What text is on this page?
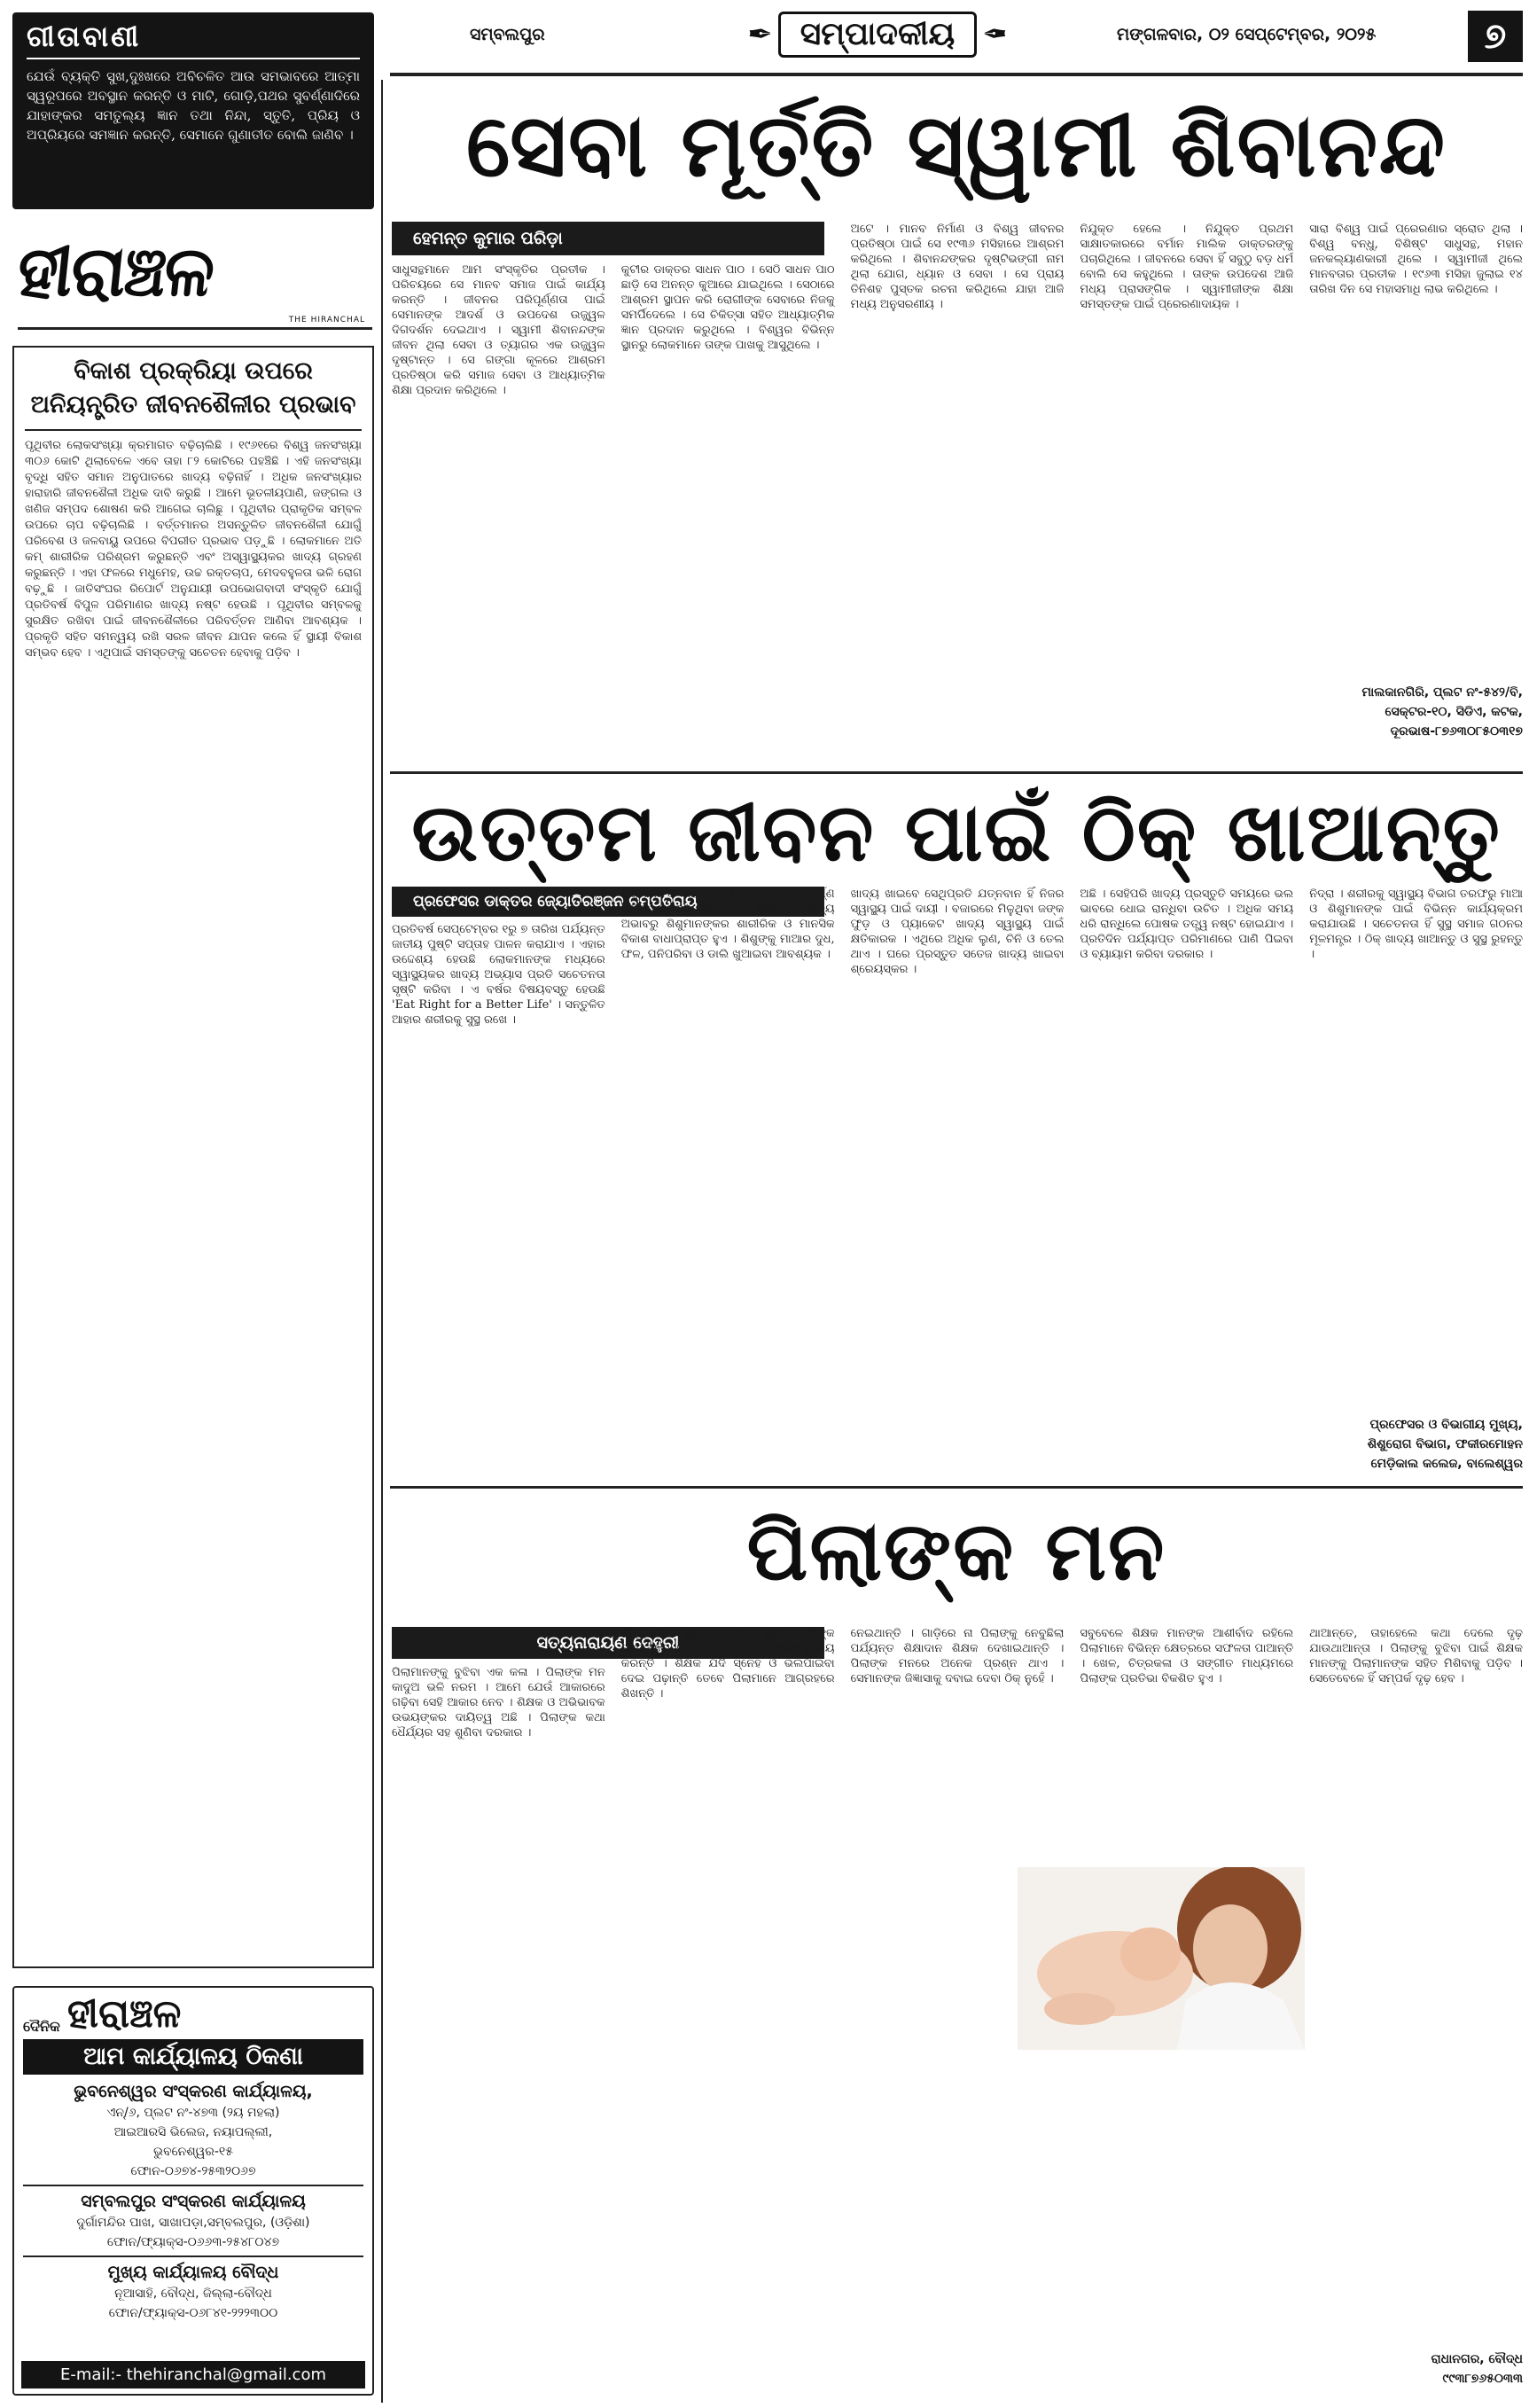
ଗୀତାବାଣୀ
ଯେଉଁ ବ୍ୟକ୍ତି ସୁଖ,ଦୁଃଖରେ ଅବିଚଳିତ ଆଉ ସମଭାବରେ ଆତ୍ମା ସ୍ୱରୂପରେ ଅବସ୍ଥାନ କରନ୍ତି ଓ ମାଟି, ଗୋଡ଼ି,ପଥର ସୁବର୍ଣ୍ଣାଦିରେ ଯାହାଙ୍କର ସମତୁଲ୍ୟ ଜ୍ଞାନ ତଥା ନିନ୍ଦା, ସ୍ତୁତି, ପ୍ରିୟ ଓ ଅପ୍ରିୟରେ ସମଜ୍ଞାନ କରନ୍ତି, ସେମାନେ ଗୁଣାତୀତ ବୋଲି ଜାଣିବ ।
ହୀରାଞ୍ଚଳ
THE HIRANCHAL
ବିକାଶ ପ୍ରକ୍ରିୟା ଉପରେ ଅନିୟନ୍ତ୍ରିତ ଜୀବନଶୈଳୀର ପ୍ରଭାବ
ପୃଥିବୀର ଲୋକସଂଖ୍ୟା କ୍ରମାଗତ ବଢ଼ିଚାଲିଛି । ୧୯୬୧ରେ ବିଶ୍ୱ ଜନସଂଖ୍ୟା ୩୦୬ କୋଟି ଥିଲାବେଳେ ଏବେ ତାହା ୮୨ କୋଟିରେ ପହଞ୍ଚିଛି । ଏହି ଜନସଂଖ୍ୟା ବୃଦ୍ଧି ସହିତ ସମାନ ଅନୁପାତରେ ଖାଦ୍ୟ ବଢ଼ିନାହିଁ । ଅଧିକ ଜନସଂଖ୍ୟାର ହାରାହାରି ଜୀବନଶୈଳୀ ଅଧିକ ଦାବି କରୁଛି । ଆମେ ଭୂତଳୀୟପାଣି, ଜଙ୍ଗଲ ଓ ଖଣିଜ ସମ୍ପଦ ଶୋଷଣ କରି ଆଗେଇ ଚାଲିଛୁ । ପୃଥିବୀର ପ୍ରାକୃତିକ ସମ୍ବଳ ଉପରେ ଚାପ ବଢ଼ିଚାଲିଛି । ବର୍ତ୍ତମାନର ଅସନ୍ତୁଳିତ ଜୀବନଶୈଳୀ ଯୋଗୁଁ ପରିବେଶ ଓ ଜଳବାୟୁ ଉପରେ ବିପରୀତ ପ୍ରଭାବ ପଡ଼ୁଛି । ଲୋକମାନେ ଅତି କମ୍ ଶାରୀରିକ ପରିଶ୍ରମ କରୁଛନ୍ତି ଏବଂ ଅସ୍ୱାସ୍ଥ୍ୟକର ଖାଦ୍ୟ ଗ୍ରହଣ କରୁଛନ୍ତି । ଏହା ଫଳରେ ମଧୁମେହ, ଉଚ୍ଚ ରକ୍ତଚାପ, ମେଦବହୁଳତା ଭଳି ରୋଗ ବଢ଼ୁଛି । ଜାତିସଂଘର ରିପୋର୍ଟ ଅନୁଯାୟୀ ଉପଭୋଗବାଦୀ ସଂସ୍କୃତି ଯୋଗୁଁ ପ୍ରତିବର୍ଷ ବିପୁଳ ପରିମାଣର ଖାଦ୍ୟ ନଷ୍ଟ ହେଉଛି । ପୃଥିବୀର ସମ୍ବଳକୁ ସୁରକ୍ଷିତ ରଖିବା ପାଇଁ ଜୀବନଶୈଳୀରେ ପରିବର୍ତ୍ତନ ଆଣିବା ଆବଶ୍ୟକ । ପ୍ରକୃତି ସହିତ ସମନ୍ୱୟ ରଖି ସରଳ ଜୀବନ ଯାପନ କଲେ ହିଁ ସ୍ଥାୟୀ ବିକାଶ ସମ୍ଭବ ହେବ । ଏଥିପାଇଁ ସମସ୍ତଙ୍କୁ ସଚେତନ ହେବାକୁ ପଡ଼ିବ ।
ଦୈନିକ ହୀରାଞ୍ଚଳ
ଆମ କାର୍ଯ୍ୟାଳୟ ଠିକଣା
ଭୁବନେଶ୍ୱର ସଂସ୍କରଣ କାର୍ଯ୍ୟାଳୟ,
ଏନ୍/୬, ପ୍ଲଟ ନଂ-୪୭୩ (୨ୟ ମହଲା)
ଆଇଆରସି ଭିଲେଜ, ନୟାପଲ୍ଲୀ,
ଭୁବନେଶ୍ୱର-୧୫
ଫୋନ-୦୬୭୪-୨୫୩୨୦୬୭
ସମ୍ବଲପୁର ସଂସ୍କରଣ କାର୍ଯ୍ୟାଳୟ
ଦୁର୍ଗାମନ୍ଦିର ପାଖ, ସାଖାପଡ଼ା,ସମ୍ବଲପୁର, (ଓଡ଼ିଶା)
ଫୋନ/ଫ୍ୟାକ୍ସ-୦୬୬୩-୨୫୪୮୦୪୭
ମୁଖ୍ୟ କାର୍ଯ୍ୟାଳୟ ବୌଦ୍ଧ
ନୂଆସାହି, ବୌଦ୍ଧ, ଜିଲ୍ଲା-ବୌଦ୍ଧ
ଫୋନ/ଫ୍ୟାକ୍ସ-୦୬୮୪୧-୨୨୨୩୦୦
E-mail:- thehiranchal@gmail.com
ସମ୍ବଲପୁର	✒ ସମ୍ପାଦକୀୟ ✒	ମଙ୍ଗଳବାର, ୦୨ ସେପ୍ଟେମ୍ବର, ୨୦୨୫	୭
ସେବା ମୂର୍ତ୍ତି ସ୍ୱାମୀ ଶିବାନନ୍ଦ
ହେମନ୍ତ କୁମାର ପରିଡ଼ା
ସାଧୁସନ୍ଥମାନେ ଆମ ସଂସ୍କୃତିର ପ୍ରତୀକ । ପରିଚୟରେ ସେ ମାନବ ସମାଜ ପାଇଁ କାର୍ଯ୍ୟ କରନ୍ତି । ଜୀବନର ପରିପୂର୍ଣ୍ଣତା ପାଇଁ ସେମାନଙ୍କ ଆଦର୍ଶ ଓ ଉପଦେଶ ଉଜ୍ଜ୍ୱଳ ଦିଗଦର୍ଶନ ଦେଇଥାଏ । ସ୍ୱାମୀ ଶିବାନନ୍ଦଙ୍କ ଜୀବନ ଥିଲା ସେବା ଓ ତ୍ୟାଗର ଏକ ଉଜ୍ଜ୍ୱଳ ଦୃଷ୍ଟାନ୍ତ । ସେ ଗଙ୍ଗା କୂଳରେ ଆଶ୍ରମ ପ୍ରତିଷ୍ଠା କରି ସମାଜ ସେବା ଓ ଆଧ୍ୟାତ୍ମିକ ଶିକ୍ଷା ପ୍ରଦାନ କରିଥିଲେ ।
କୁଟୀର ଡାକ୍ତର ସାଧନ ପାଠ । ସେଠି ସାଧନ ପାଠ ଛାଡ଼ି ସେ ଅନନ୍ତ କୁଆରେ ଯାଇଥିଲେ । ସେଠାରେ ଆଶ୍ରମ ସ୍ଥାପନ କରି ରୋଗୀଙ୍କ ସେବାରେ ନିଜକୁ ସମର୍ପିଦେଲେ । ସେ ଚିକିତ୍ସା ସହିତ ଆଧ୍ୟାତ୍ମିକ ଜ୍ଞାନ ପ୍ରଦାନ କରୁଥିଲେ । ବିଶ୍ୱର ବିଭିନ୍ନ ସ୍ଥାନରୁ ଲୋକମାନେ ତାଙ୍କ ପାଖକୁ ଆସୁଥିଲେ ।
ଅଟେ । ମାନବ ନିର୍ମାଣ ଓ ବିଶ୍ୱ ଜୀବନର ପ୍ରତିଷ୍ଠା ପାଇଁ ସେ ୧୯୩୬ ମସିହାରେ ଆଶ୍ରମ କରିଥିଲେ । ଶିବାନନ୍ଦଙ୍କର ଦୃଷ୍ଟିଭଙ୍ଗୀ ନାମ ଥିଲା ଯୋଗ, ଧ୍ୟାନ ଓ ସେବା । ସେ ପ୍ରାୟ ତିନିଶହ ପୁସ୍ତକ ରଚନା କରିଥିଲେ ଯାହା ଆଜି ମଧ୍ୟ ଅନୁସରଣୀୟ ।
ନିଯୁକ୍ତ ହେଲେ । ନିଯୁକ୍ତ ପ୍ରଥମ ସାକ୍ଷାତକାରରେ ବର୍ମାନ ମାଲିକ ଡାକ୍ତରଙ୍କୁ ପଚାରିଥିଲେ । ଜୀବନରେ ସେବା ହିଁ ସବୁଠୁ ବଡ଼ ଧର୍ମ ବୋଲି ସେ କହୁଥିଲେ । ତାଙ୍କ ଉପଦେଶ ଆଜି ମଧ୍ୟ ପ୍ରାସଙ୍ଗିକ । ସ୍ୱାମୀଜୀଙ୍କ ଶିକ୍ଷା ସମସ୍ତଙ୍କ ପାଇଁ ପ୍ରେରଣାଦାୟକ ।
ସାରା ବିଶ୍ୱ ପାଇଁ ପ୍ରେରଣାର ସ୍ରୋତ ଥିଲା । ବିଶ୍ୱ ବନ୍ଧୁ, ବିଶିଷ୍ଟ ସାଧୁସନ୍ଥ, ମହାନ ଜନକଲ୍ୟାଣକାରୀ ଥିଲେ । ସ୍ୱାମୀଜୀ ଥିଲେ ମାନବତାର ପ୍ରତୀକ । ୧୯୬୩ ମସିହା ଜୁଲାଇ ୧୪ ତାରିଖ ଦିନ ସେ ମହାସମାଧି ଲାଭ କରିଥିଲେ ।
ମାଲକାନଗିରି, ପ୍ଲଟ ନଂ-୫୪୨/ବି,
ସେକ୍ଟର-୧୦, ସିଡିଏ, କଟକ,
ଦୂରଭାଷ-୮୭୬୩୦୮୫୦୩୧୭
ଉତ୍ତମ ଜୀବନ ପାଇଁ ଠିକ୍ ଖାଆନ୍ତୁ
ପ୍ରଫେସର ଡାକ୍ତର ଜ୍ୟୋତିରଞ୍ଜନ ଚମ୍ପତିରାୟ
ପ୍ରତିବର୍ଷ ସେପ୍ଟେମ୍ବର ୧ରୁ ୭ ତାରିଖ ପର୍ଯ୍ୟନ୍ତ ଜାତୀୟ ପୁଷ୍ଟି ସପ୍ତାହ ପାଳନ କରାଯାଏ । ଏହାର ଉଦ୍ଦେଶ୍ୟ ହେଉଛି ଲୋକମାନଙ୍କ ମଧ୍ୟରେ ସ୍ୱାସ୍ଥ୍ୟକର ଖାଦ୍ୟ ଅଭ୍ୟାସ ପ୍ରତି ସଚେତନତା ସୃଷ୍ଟି କରିବା । ଏ ବର୍ଷର ବିଷୟବସ୍ତୁ ହେଉଛି 'Eat Right for a Better Life' । ସନ୍ତୁଳିତ ଆହାର ଶରୀରକୁ ସୁସ୍ଥ ରଖେ ।
ଶିଶୁମାନଙ୍କ ଏହା ଏକ ପ୍ରକାର ଗୁରୁତ୍ୱପୂର୍ଣ୍ଣ ଭୂମିକା ଗ୍ରହଣ କରିଥାଏ । ପୁଷ୍ଟିକର ଖାଦ୍ୟ ଅଭାବରୁ ଶିଶୁମାନଙ୍କର ଶାରୀରିକ ଓ ମାନସିକ ବିକାଶ ବାଧାପ୍ରାପ୍ତ ହୁଏ । ଶିଶୁଙ୍କୁ ମାଆର ଦୁଧ, ଫଳ, ପନିପରିବା ଓ ଡାଲି ଖୁଆଇବା ଆବଶ୍ୟକ ।
ଖାଦ୍ୟ ଖାଇବେ ସେଥିପ୍ରତି ଯତ୍ନବାନ ହିଁ ନିଜର ସ୍ୱାସ୍ଥ୍ୟ ପାଇଁ ଦାୟୀ । ବଜାରରେ ମିଳୁଥିବା ଜଙ୍କ ଫୁଡ଼ ଓ ପ୍ୟାକେଟ ଖାଦ୍ୟ ସ୍ୱାସ୍ଥ୍ୟ ପାଇଁ କ୍ଷତିକାରକ । ଏଥିରେ ଅଧିକ ଲୁଣ, ଚିନି ଓ ତେଲ ଥାଏ । ଘରେ ପ୍ରସ୍ତୁତ ସତେଜ ଖାଦ୍ୟ ଖାଇବା ଶ୍ରେୟସ୍କର ।
ଅଛି । ସେହିପରି ଖାଦ୍ୟ ପ୍ରସ୍ତୁତି ସମୟରେ ଭଲ ଭାବରେ ଧୋଇ ରାନ୍ଧିବା ଉଚିତ । ଅଧିକ ସମୟ ଧରି ରାନ୍ଧିଲେ ପୋଷକ ତତ୍ତ୍ୱ ନଷ୍ଟ ହୋଇଯାଏ । ପ୍ରତିଦିନ ପର୍ଯ୍ୟାପ୍ତ ପରିମାଣରେ ପାଣି ପିଇବା ଓ ବ୍ୟାୟାମ କରିବା ଦରକାର ।
ନିଦ୍ରା । ଶରୀରକୁ ସ୍ୱାସ୍ଥ୍ୟ ବିଭାଗ ତରଫରୁ ମାଆ ଓ ଶିଶୁମାନଙ୍କ ପାଇଁ ବିଭିନ୍ନ କାର୍ଯ୍ୟକ୍ରମ କରାଯାଉଛି । ସଚେତନତା ହିଁ ସୁସ୍ଥ ସମାଜ ଗଠନର ମୂଳମନ୍ତ୍ର । ଠିକ୍ ଖାଦ୍ୟ ଖାଆନ୍ତୁ ଓ ସୁସ୍ଥ ରୁହନ୍ତୁ ।
ପ୍ରଫେସର ଓ ବିଭାଗୀୟ ମୁଖ୍ୟ,
ଶିଶୁରୋଗ ବିଭାଗ, ଫକୀରମୋହନ
ମେଡ଼ିକାଲ କଲେଜ, ବାଲେଶ୍ୱର
ପିଲାଙ୍କ ମନ
ସତ୍ୟନାରାୟଣ ଦେହୁରୀ
ପିଲାମାନଙ୍କୁ ବୁଝିବା ଏକ କଳା । ପିଲାଙ୍କ ମନ କାଦୁଅ ଭଳି ନରମ । ଆମେ ଯେଉଁ ଆକାରରେ ଗଢ଼ିବା ସେହି ଆକାର ନେବ । ଶିକ୍ଷକ ଓ ଅଭିଭାବକ ଉଭୟଙ୍କର ଦାୟିତ୍ୱ ଅଛି । ପିଲାଙ୍କ କଥା ଧୈର୍ଯ୍ୟର ସହ ଶୁଣିବା ଦରକାର ।
ବିଦ୍ୟାଳୟ ଶୁରୁରେ ବଡ଼ ମୁଣ୍ଡ ଅଂଙ୍କ ହୋଇଥିଲେ ମଧ୍ୟ ପିଲା ମାନେ ଶିକ୍ଷକଙ୍କୁ ଭୟ କରନ୍ତି । ଶିକ୍ଷକ ଯଦି ସ୍ନେହ ଓ ଭଲପାଇବା ଦେଇ ପଢ଼ାନ୍ତି ତେବେ ପିଲାମାନେ ଆଗ୍ରହରେ ଶିଖନ୍ତି ।
ନେଇଥାନ୍ତି । ଗାଡ଼ିରେ ନା ପିଲାଙ୍କୁ ନେବୁଛିଲା ପର୍ଯ୍ୟନ୍ତ ଶିକ୍ଷାଦାନ ଶିକ୍ଷକ ଦେଖାଇଥାନ୍ତି । ପିଲାଙ୍କ ମନରେ ଅନେକ ପ୍ରଶ୍ନ ଥାଏ । ସେମାନଙ୍କ ଜିଜ୍ଞାସାକୁ ଦବାଇ ଦେବା ଠିକ୍ ନୁହେଁ ।
ସବୁବେଳେ ଶିକ୍ଷକ ମାନଙ୍କ ଆଶୀର୍ବାଦ ରହିଲେ ପିଲାମାନେ ବିଭିନ୍ନ କ୍ଷେତ୍ରରେ ସଫଳତା ପାଆନ୍ତି । ଖେଳ, ଚିତ୍ରକଳା ଓ ସଙ୍ଗୀତ ମାଧ୍ୟମରେ ପିଲାଙ୍କ ପ୍ରତିଭା ବିକଶିତ ହୁଏ ।
ଥାଆନ୍ତେ, ତାହାହେଲେ କଥା ଦେଲେ ଦୃଢ଼ ଯାଉଥାଆନ୍ତା । ପିଲାଙ୍କୁ ବୁଝିବା ପାଇଁ ଶିକ୍ଷକ ମାନଙ୍କୁ ପିଲାମାନଙ୍କ ସହିତ ମିଶିବାକୁ ପଡ଼ିବ । ସେତେବେଳେ ହିଁ ସମ୍ପର୍କ ଦୃଢ଼ ହେବ ।
ରାଧାନଗର, ବୌଦ୍ଧ
୯୯୩୮୭୬୫୦୩୩
